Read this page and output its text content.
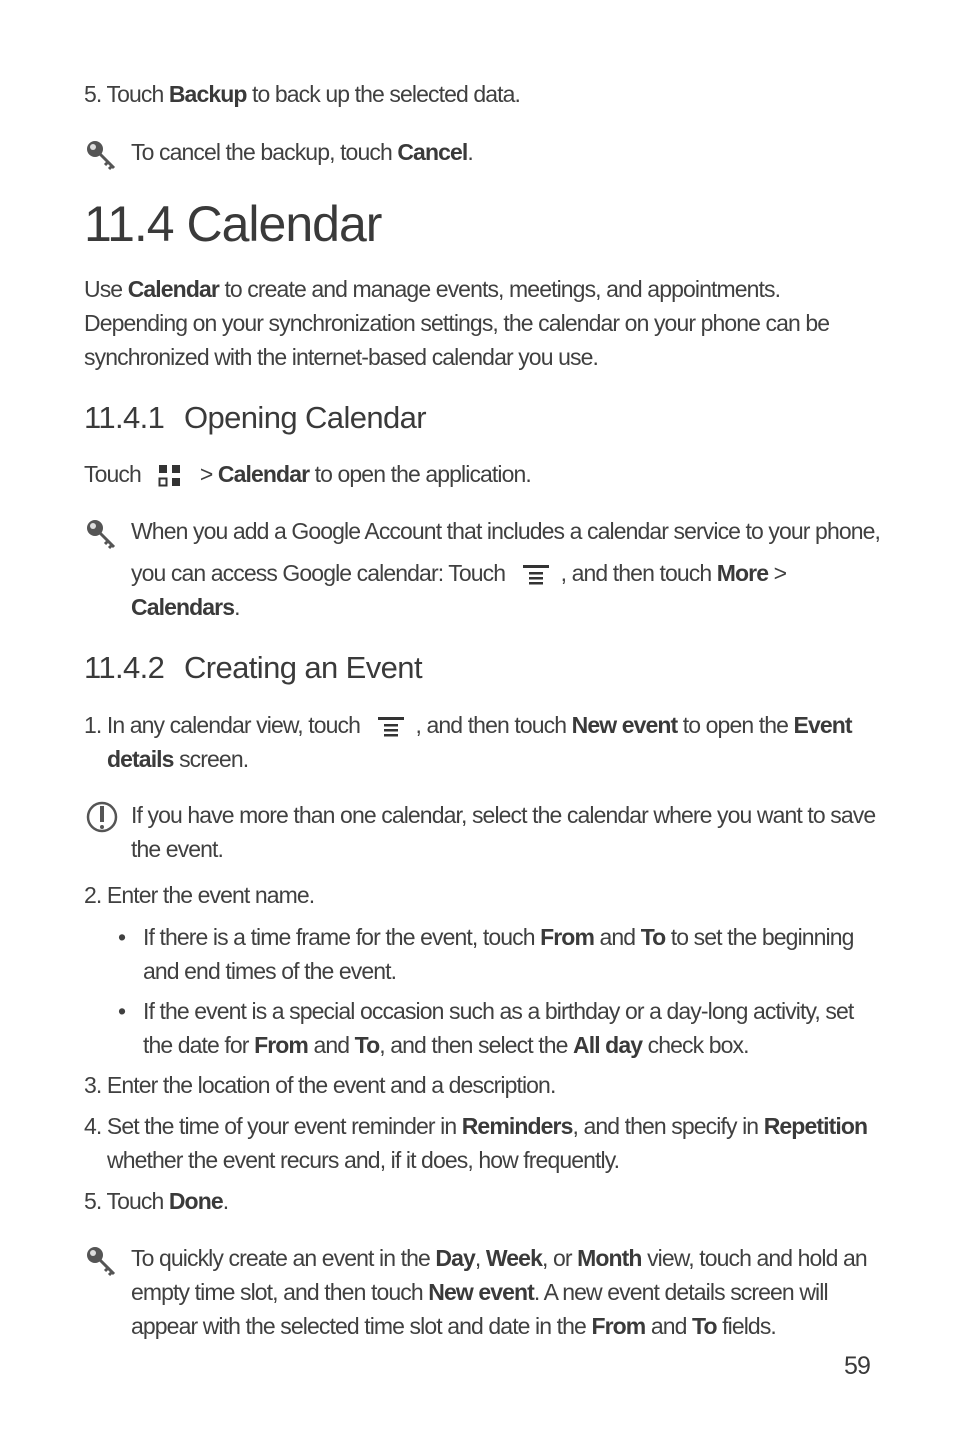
5. Touch Backup to back up the selected data.
To cancel the backup, touch Cancel.
11.4 Calendar
Use Calendar to create and manage events, meetings, and appointments.
Depending on your synchronization settings, the calendar on your phone can be
synchronized with the internet-based calendar you use.
11.4.1 Opening Calendar
Touch	> Calendar to open the application.
When you add a Google Account that includes a calendar service to your phone,
you can access Google calendar: Touch , and then touch More >
Calendars.
11.4.2 Creating an Event
1. In any calendar view, touch , and then touch New event to open the Event
details screen.
If you have more than one calendar, select the calendar where you want to save
the event.
2. Enter the event name.
• If there is a time frame for the event, touch From and To to set the beginning
and end times of the event.
• If the event is a special occasion such as a birthday or a day-long activity, set
the date for From and To, and then select the All day check box.
3. Enter the location of the event and a description.
4. Set the time of your event reminder in Reminders, and then specify in Repetition
whether the event recurs and, if it does, how frequently.
5. Touch Done.
To quickly create an event in the Day, Week, or Month view, touch and hold an
empty time slot, and then touch New event. A new event details screen will
appear with the selected time slot and date in the From and To fields.
59
